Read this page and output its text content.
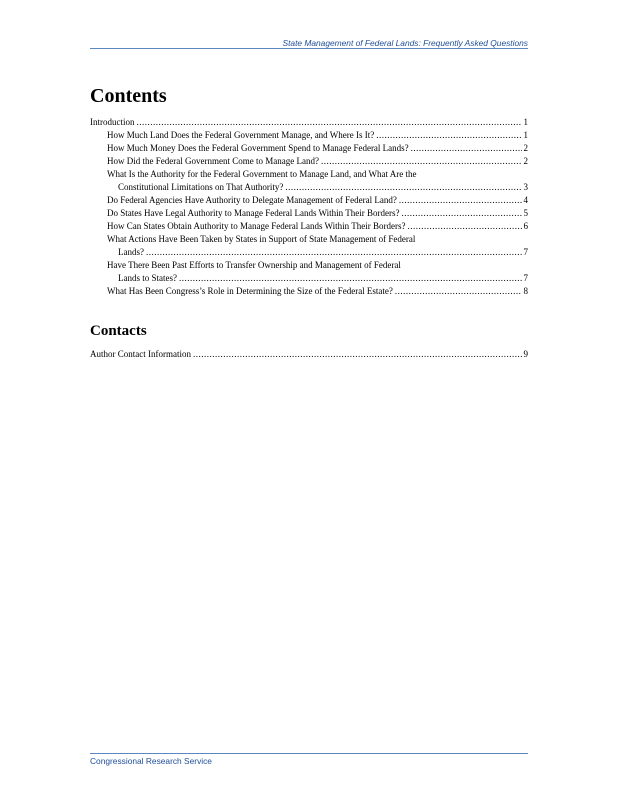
State Management of Federal Lands: Frequently Asked Questions
Contents
Introduction .....	1
How Much Land Does the Federal Government Manage, and Where Is It? .....	1
How Much Money Does the Federal Government Spend to Manage Federal Lands? .....	2
How Did the Federal Government Come to Manage Land? .....	2
What Is the Authority for the Federal Government to Manage Land, and What Are the
Constitutional Limitations on That Authority? .....	3
Do Federal Agencies Have Authority to Delegate Management of Federal Land? .....	4
Do States Have Legal Authority to Manage Federal Lands Within Their Borders? .....	5
How Can States Obtain Authority to Manage Federal Lands Within Their Borders? .....	6
What Actions Have Been Taken by States in Support of State Management of Federal
Lands? .....	7
Have There Been Past Efforts to Transfer Ownership and Management of Federal
Lands to States? .....	7
What Has Been Congress’s Role in Determining the Size of the Federal Estate? .....	8
Contacts
Author Contact Information .....	9
Congressional Research Service
